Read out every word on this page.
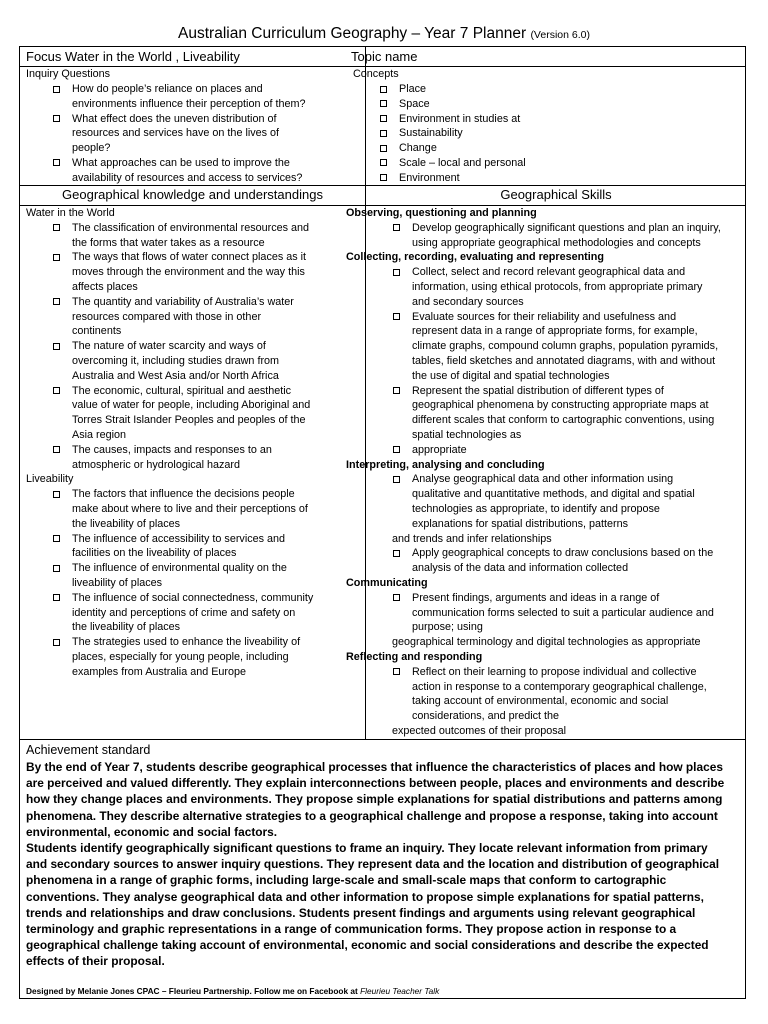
Australian Curriculum Geography – Year 7 Planner (Version 6.0)
Focus Water in the World , Liveability	Topic name
Inquiry Questions
How do people’s reliance on places and
environments influence their perception of them?
What effect does the uneven distribution of
resources and services have on the lives of
people?
What approaches can be used to improve the
availability of resources and access to services?
Concepts
Place
Space
Environment in studies at
Sustainability
Change
Scale – local and personal
Environment
Geographical knowledge and understandings	Geographical Skills
Water in the World
The classification of environmental resources and
the forms that water takes as a resource
The ways that flows of water connect places as it
moves through the environment and the way this
affects places
The quantity and variability of Australia’s water
resources compared with those in other
continents
The nature of water scarcity and ways of
overcoming it, including studies drawn from
Australia and West Asia and/or North Africa
The economic, cultural, spiritual and aesthetic
value of water for people, including Aboriginal and
Torres Strait Islander Peoples and peoples of the
Asia region
The causes, impacts and responses to an
atmospheric or hydrological hazard
Liveability
The factors that influence the decisions people
make about where to live and their perceptions of
the liveability of places
The influence of accessibility to services and
facilities on the liveability of places
The influence of environmental quality on the
liveability of places
The influence of social connectedness, community
identity and perceptions of crime and safety on
the liveability of places
The strategies used to enhance the liveability of
places, especially for young people, including
examples from Australia and Europe
Observing, questioning and planning
Develop geographically significant questions and plan an inquiry,
using appropriate geographical methodologies and concepts
Collecting, recording, evaluating and representing
Collect, select and record relevant geographical data and
information, using ethical protocols, from appropriate primary
and secondary sources
Evaluate sources for their reliability and usefulness and
represent data in a range of appropriate forms, for example,
climate graphs, compound column graphs, population pyramids,
tables, field sketches and annotated diagrams, with and without
the use of digital and spatial technologies
Represent the spatial distribution of different types of
geographical phenomena by constructing appropriate maps at
different scales that conform to cartographic conventions, using
spatial technologies as
appropriate
Interpreting, analysing and concluding
Analyse geographical data and other information using
qualitative and quantitative methods, and digital and spatial
technologies as appropriate, to identify and propose
explanations for spatial distributions, patterns
and trends and infer relationships
Apply geographical concepts to draw conclusions based on the
analysis of the data and information collected
Communicating
Present findings, arguments and ideas in a range of
communication forms selected to suit a particular audience and
purpose; using
geographical terminology and digital technologies as appropriate
Reflecting and responding
Reflect on their learning to propose individual and collective
action in response to a contemporary geographical challenge,
taking account of environmental, economic and social
considerations, and predict the
expected outcomes of their proposal
Achievement standard
By the end of Year 7, students describe geographical processes that influence the characteristics of places and how places
are perceived and valued differently. They explain interconnections between people, places and environments and describe
how they change places and environments. They propose simple explanations for spatial distributions and patterns among
phenomena. They describe alternative strategies to a geographical challenge and propose a response, taking into account
environmental, economic and social factors.
Students identify geographically significant questions to frame an inquiry. They locate relevant information from primary
and secondary sources to answer inquiry questions. They represent data and the location and distribution of geographical
phenomena in a range of graphic forms, including large-scale and small-scale maps that conform to cartographic
conventions. They analyse geographical data and other information to propose simple explanations for spatial patterns,
trends and relationships and draw conclusions. Students present findings and arguments using relevant geographical
terminology and graphic representations in a range of communication forms. They propose action in response to a
geographical challenge taking account of environmental, economic and social considerations and describe the expected
effects of their proposal.
Designed by Melanie Jones CPAC – Fleurieu Partnership. Follow me on Facebook at Fleurieu Teacher Talk
